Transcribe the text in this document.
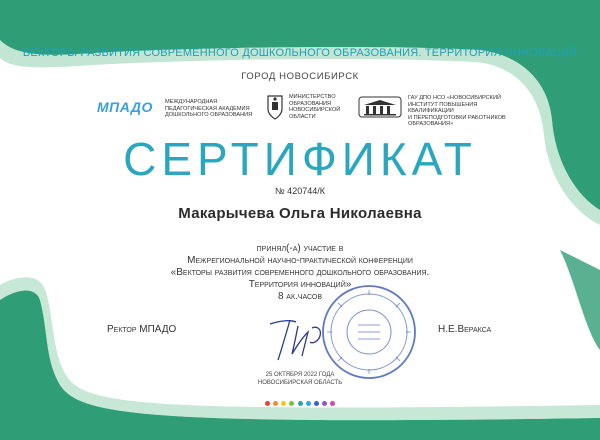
ВЕКТОРЫ РАЗВИТИЯ СОВРЕМЕННОГО ДОШКОЛЬНОГО ОБРАЗОВАНИЯ. ТЕРРИТОРИЯ ИННОВАЦИЙ
ГОРОД НОВОСИБИРСК
МПАДО МЕЖДУНАРОДНАЯ
ПЕДАГОГИЧЕСКАЯ АКАДЕМИЯ
ДОШКОЛЬНОГО ОБРАЗОВАНИЯ
МИНИСТЕРСТВО
ОБРАЗОВАНИЯ
НОВОСИБИРСКОЙ
ОБЛАСТИ
ГАУ ДПО НСО «НОВОСИБИРСКИЙ
ИНСТИТУТ ПОВЫШЕНИЯ КВАЛИФИКАЦИИ
И ПЕРЕПОДГОТОВКИ РАБОТНИКОВ
ОБРАЗОВАНИЯ»
СЕРТИФИКАТ
№ 420744/К
Макарычева Ольга Николаевна
принял(-а) участие в
Межрегиональной научно-практической конференции
«Векторы развития современного дошкольного образования.
Территория инноваций»
8 ак.часов
Ректор МПАДО	Н.Е.Веракса
25 ОКТЯБРЯ 2022 ГОДА
НОВОСИБИРСКАЯ ОБЛАСТЬ
